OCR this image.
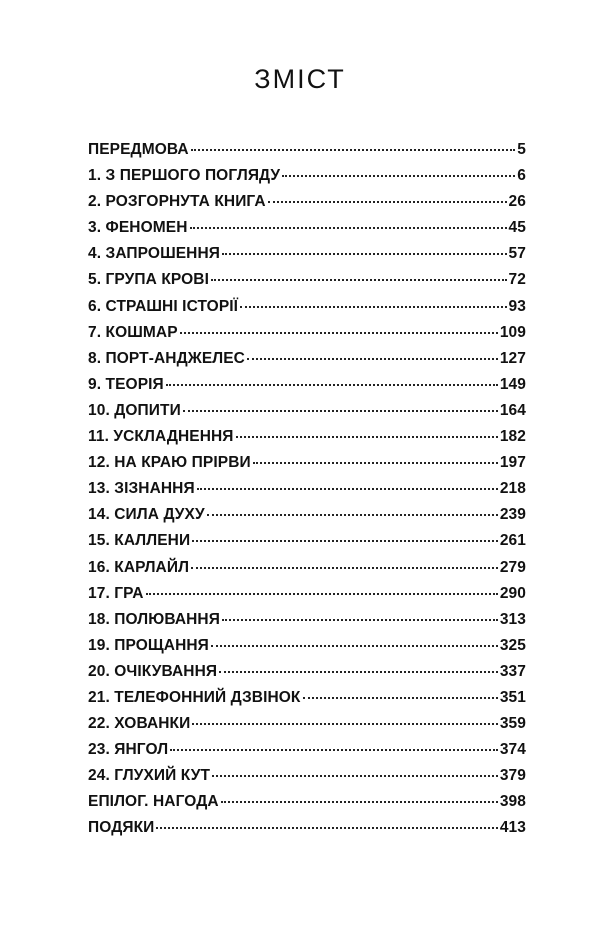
ЗМІСТ
ПЕРЕДМОВА	5
1. З ПЕРШОГО ПОГЛЯДУ	6
2. РОЗГОРНУТА КНИГА	26
3. ФЕНОМЕН	45
4. ЗАПРОШЕННЯ	57
5. ГРУПА КРОВІ	72
6. СТРАШНІ ІСТОРІЇ	93
7. КОШМАР	109
8. ПОРТ-АНДЖЕЛЕС	127
9. ТЕОРІЯ	149
10. ДОПИТИ	164
11. УСКЛАДНЕННЯ	182
12. НА КРАЮ ПРІРВИ	197
13. ЗІЗНАННЯ	218
14. СИЛА ДУХУ	239
15. КАЛЛЕНИ	261
16. КАРЛАЙЛ	279
17. ГРА	290
18. ПОЛЮВАННЯ	313
19. ПРОЩАННЯ	325
20. ОЧІКУВАННЯ	337
21. ТЕЛЕФОННИЙ ДЗВІНОК	351
22. ХОВАНКИ	359
23. ЯНГОЛ	374
24. ГЛУХИЙ КУТ	379
ЕПІЛОГ. НАГОДА	398
ПОДЯКИ	413
